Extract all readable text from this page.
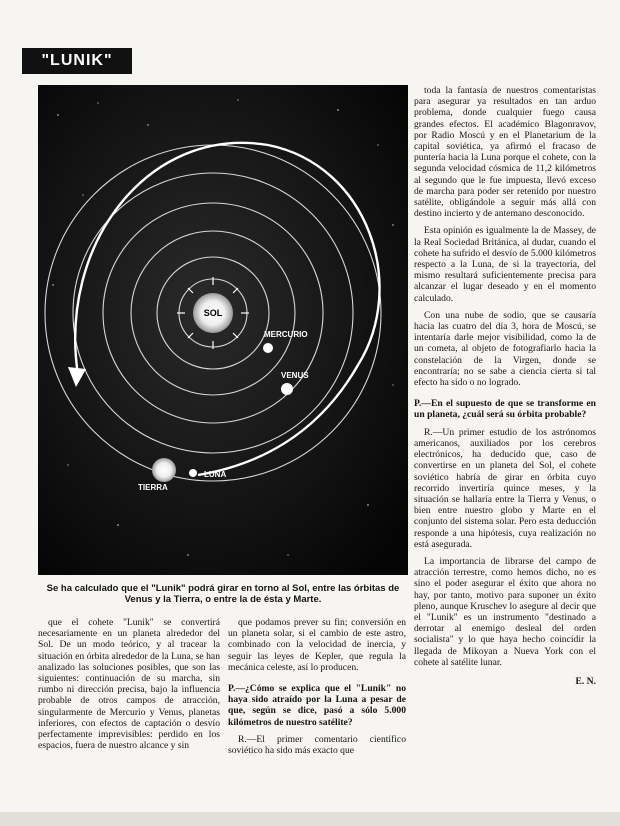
"LUNIK"
SOL
MERCURIO
VENUS
TIERRA
LUNA
Se ha calculado que el "Lunik" podrá girar en torno al Sol, entre las órbitas de Venus y la Tierra, o entre la de ésta y Marte.

que el cohete "Lunik" se convertirá necesariamente en un planeta alrededor del Sol. De un modo teórico, y al tracear la situación en órbita alrededor de la Luna, se han analizado las soluciones posibles, que son las siguientes: continuación de su marcha, sin rumbo ni dirección precisa, bajo la influencia probable de otros campos de atracción, singularmente de Mercurio y Venus, planetas inferiores, con efectos de captación o desvío perfectamente imprevisibles: perdido en los espacios, fuera de nuestro alcance y sin

que podamos prever su fin; conversión en un planeta solar, si el cambio de este astro, combinado con la velocidad de inercia, y seguir las leyes de Kepler, que regula la mecánica celeste, así lo producen.

P.—¿Cómo se explica que el "Lunik" no haya sido atraído por la Luna a pesar de que, según se dice, pasó a sólo 5.000 kilómetros de nuestro satélite?

R.—El primer comentario científico soviético ha sido más exacto que

toda la fantasía de nuestros comentaristas para asegurar ya resultados en tan arduo problema, donde cualquier fuego causa grandes efectos. El académico Blagonravov, por Radio Moscú y en el Planetarium de la capital soviética, ya afirmó el fracaso de puntería hacia la Luna porque el cohete, con la segunda velocidad cósmica de 11,2 kilómetros al segundo que le fue impuesta, llevó exceso de marcha para poder ser retenido por nuestro satélite, obligándole a seguir más allá con destino incierto y de antemano desconocido.

Esta opinión es igualmente la de Massey, de la Real Sociedad Británica, al dudar, cuando el cohete ha sufrido el desvío de 5.000 kilómetros respecto a la Luna, de si la trayectoria, del mismo resultará suficientemente precisa para alcanzar el lugar deseado y en el momento calculado.

Con una nube de sodio, que se causaría hacia las cuatro del día 3, hora de Moscú, se intentaría darle mejor visibilidad, como la de un cometa, al objeto de fotografiarlo hacia la constelación de la Virgen, donde se encontraría; no se sabe a ciencia cierta si tal efecto ha sido o no logrado.

P.—En el supuesto de que se transforme en un planeta, ¿cuál será su órbita probable?

R.—Un primer estudio de los astrónomos americanos, auxiliados por los cerebros electrónicos, ha deducido que, caso de convertirse en un planeta del Sol, el cohete soviético habría de girar en órbita cuyo recorrido invertiría quince meses, y la situación se hallaría entre la Tierra y Venus, o bien entre nuestro globo y Marte en el conjunto del sistema solar. Pero esta deducción responde a una hipótesis, cuya realización no está asegurada.

La importancia de librarse del campo de atracción terrestre, como hemos dicho, no es sino el poder asegurar el éxito que ahora no hay, por tanto, motivo para suponer un éxito pleno, aunque Kruschev lo asegure al decir que el "Lunik" es un instrumento "destinado a derrotar al enemigo desleal del orden socialista" y lo que haya hecho coincidir la llegada de Mikoyan a Nueva York con el cohete al satélite lunar.

E. N.
